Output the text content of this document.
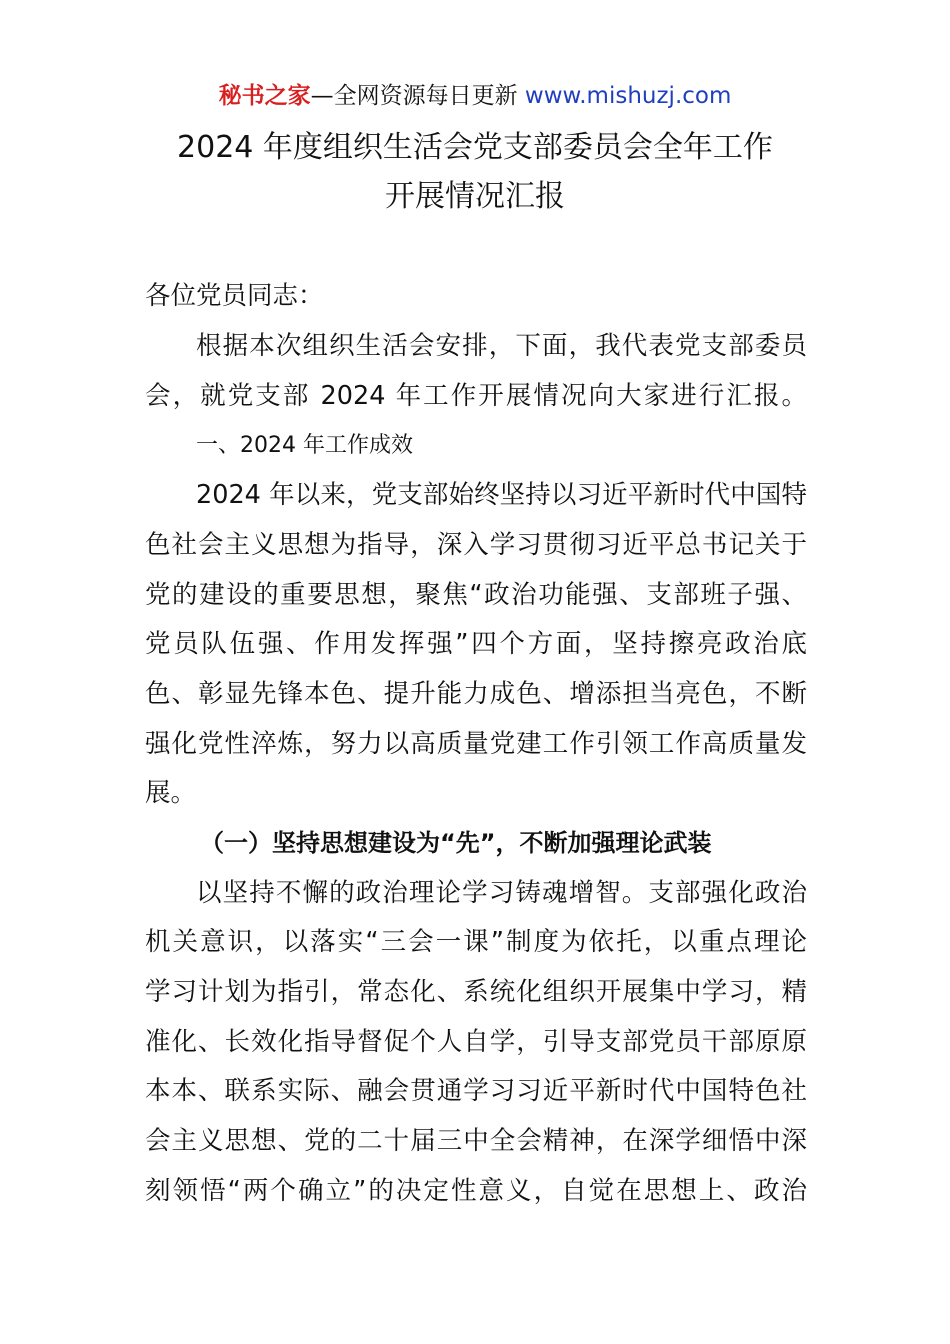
秘书之家—全网资源每日更新 www.mishuzj.com
2024 年度组织生活会党支部委员会全年工作
开展情况汇报
各位党员同志：
根据本次组织生活会安排，下面，我代表党支部委员
会，就党支部 2024 年工作开展情况向大家进行汇报。
一、2024 年工作成效
2024 年以来，党支部始终坚持以习近平新时代中国特
色社会主义思想为指导，深入学习贯彻习近平总书记关于
党的建设的重要思想，聚焦“政治功能强、支部班子强、
党员队伍强、作用发挥强”四个方面，坚持擦亮政治底
色、彰显先锋本色、提升能力成色、增添担当亮色，不断
强化党性淬炼，努力以高质量党建工作引领工作高质量发
展。
（一）坚持思想建设为“先”，不断加强理论武装
以坚持不懈的政治理论学习铸魂增智。支部强化政治
机关意识，以落实“三会一课”制度为依托，以重点理论
学习计划为指引，常态化、系统化组织开展集中学习，精
准化、长效化指导督促个人自学，引导支部党员干部原原
本本、联系实际、融会贯通学习习近平新时代中国特色社
会主义思想、党的二十届三中全会精神，在深学细悟中深
刻领悟“两个确立”的决定性意义，自觉在思想上、政治
